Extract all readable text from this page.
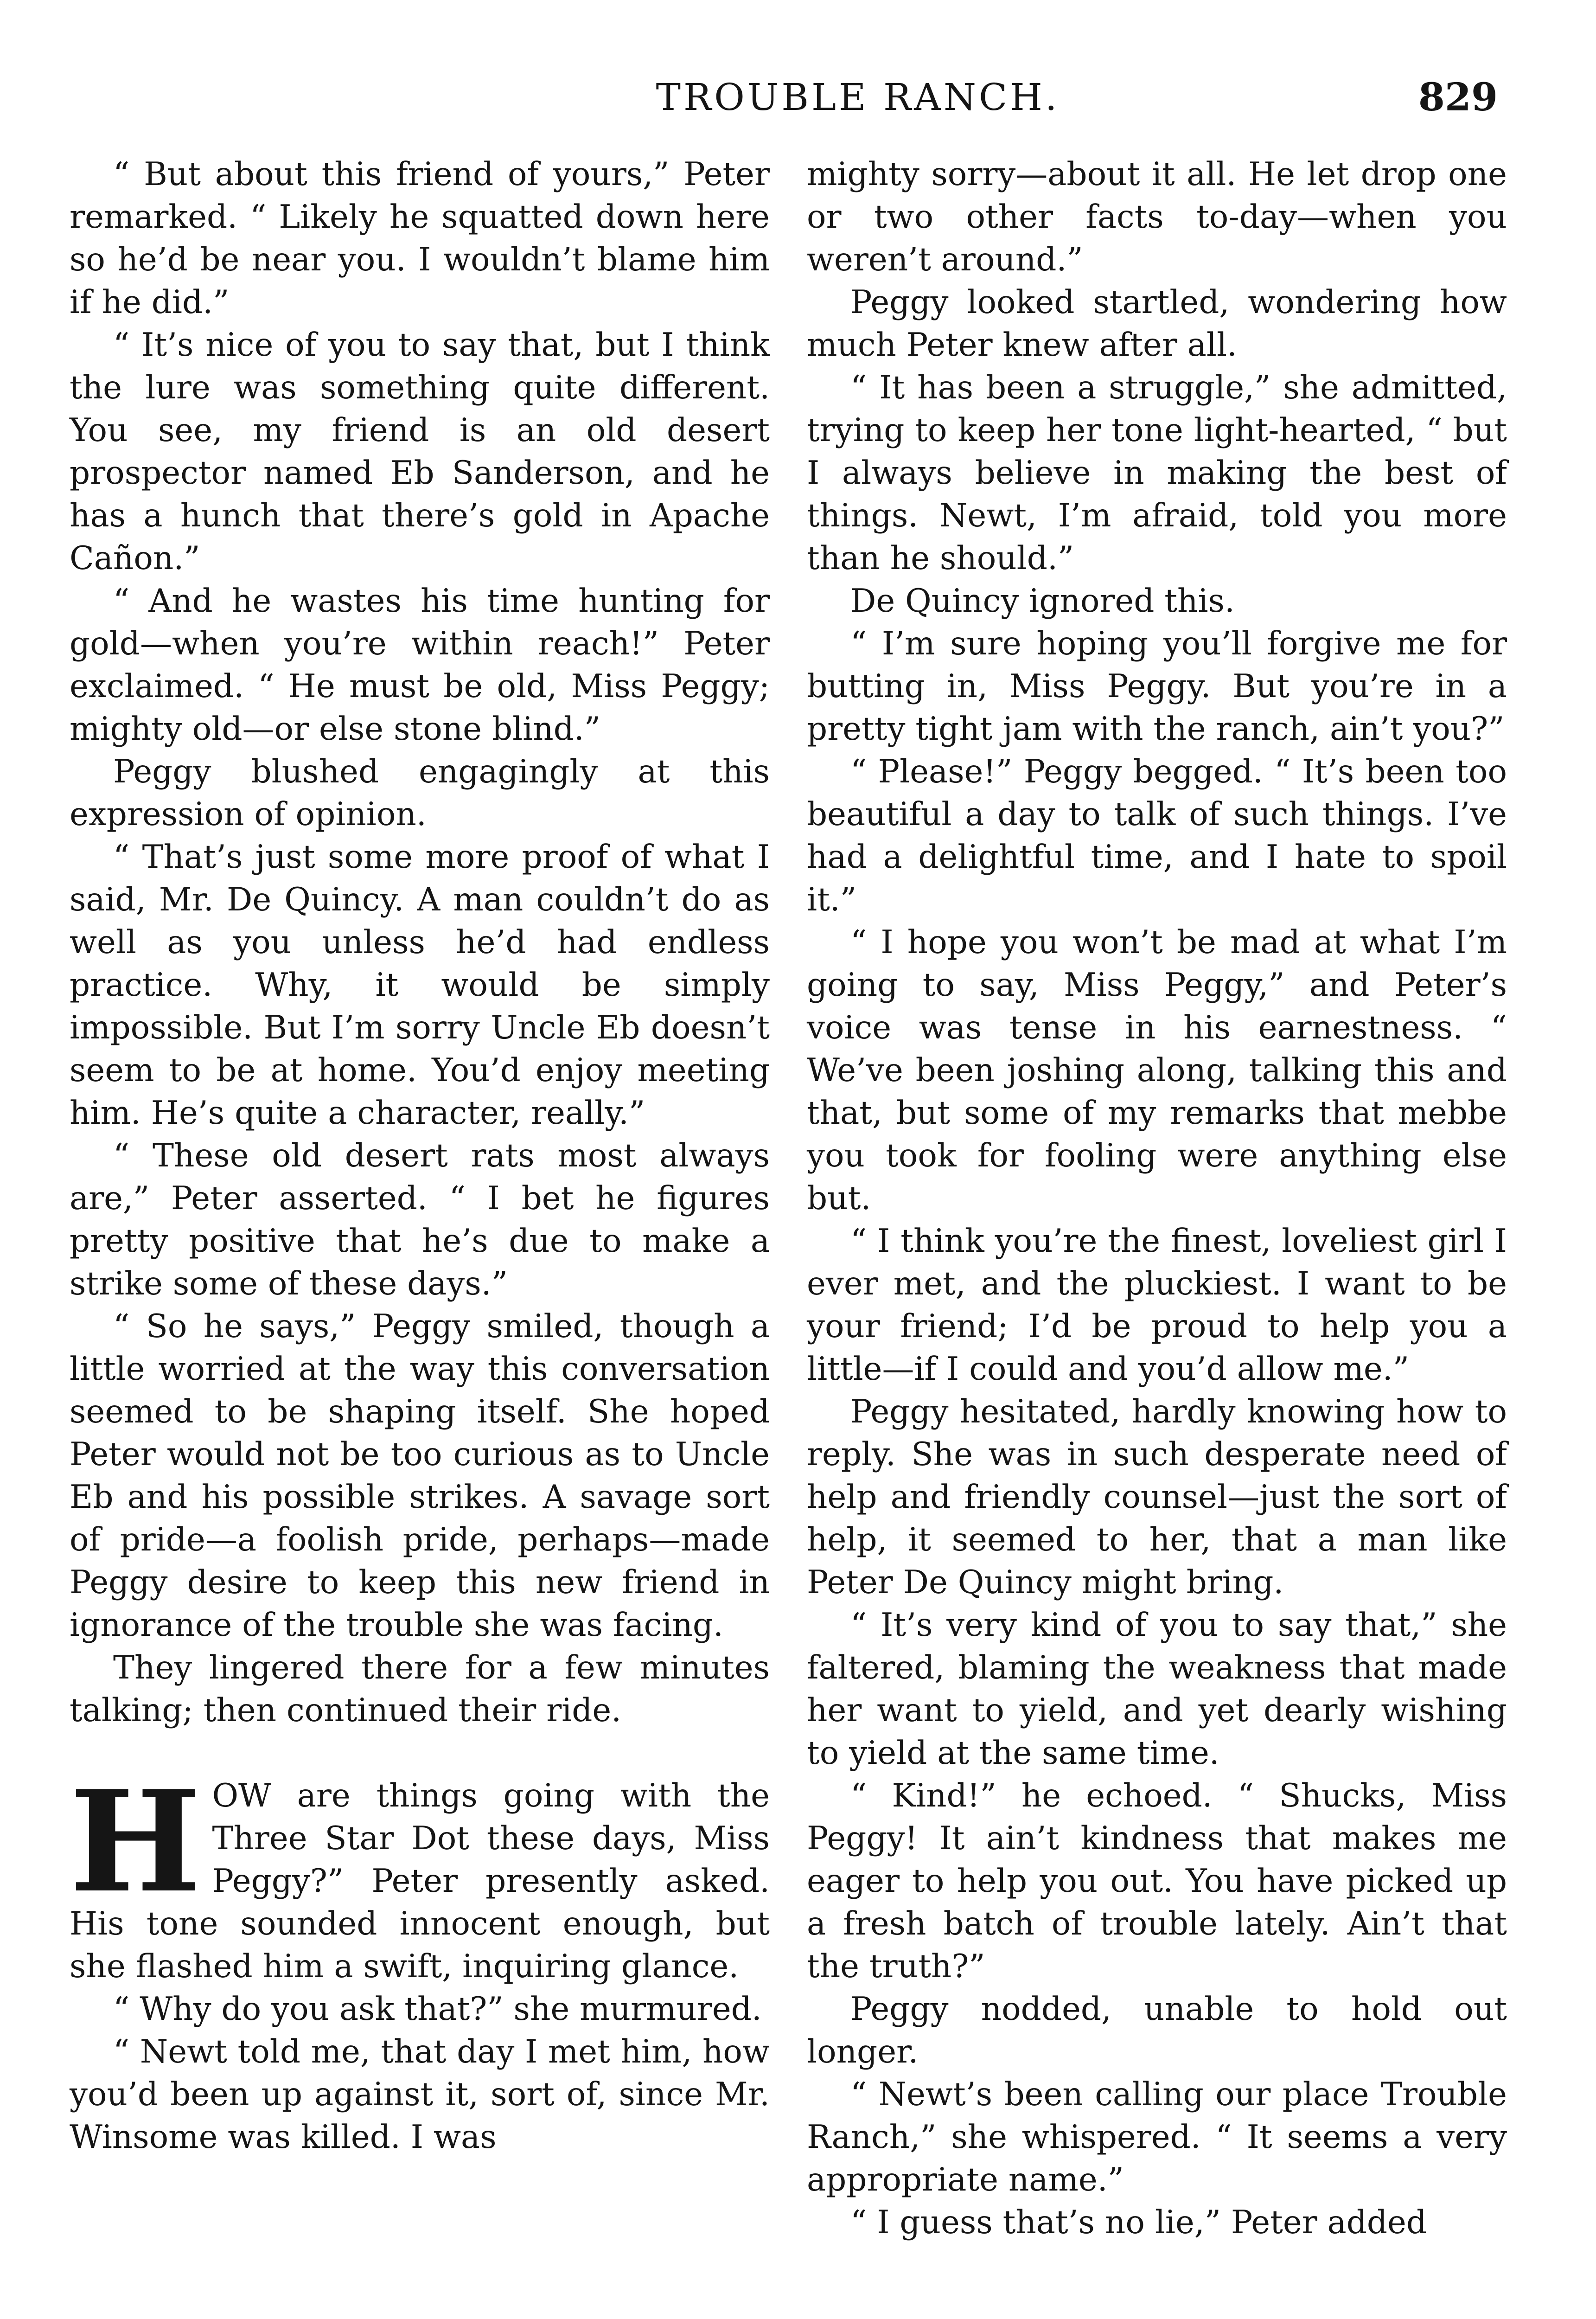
TROUBLE RANCH.	829

“ But about this friend of yours,” Peter remarked. “ Likely he squatted down here so he’d be near you. I wouldn’t blame him if he did.”

“ It’s nice of you to say that, but I think the lure was something quite different. You see, my friend is an old desert prospector named Eb Sanderson, and he has a hunch that there’s gold in Apache Cañon.”

“ And he wastes his time hunting for gold—when you’re within reach!” Peter exclaimed. “ He must be old, Miss Peggy; mighty old—or else stone blind.”

Peggy blushed engagingly at this expression of opinion.

“ That’s just some more proof of what I said, Mr. De Quincy. A man couldn’t do as well as you unless he’d had endless practice. Why, it would be simply impossible. But I’m sorry Uncle Eb doesn’t seem to be at home. You’d enjoy meeting him. He’s quite a character, really.”

“ These old desert rats most always are,” Peter asserted. “ I bet he figures pretty positive that he’s due to make a strike some of these days.”

“ So he says,” Peggy smiled, though a little worried at the way this conversation seemed to be shaping itself. She hoped Peter would not be too curious as to Uncle Eb and his possible strikes. A savage sort of pride—a foolish pride, perhaps—made Peggy desire to keep this new friend in ignorance of the trouble she was facing.

They lingered there for a few minutes talking; then continued their ride.

HOW are things going with the Three Star Dot these days, Miss Peggy?” Peter presently asked. His tone sounded innocent enough, but she flashed him a swift, inquiring glance.

“ Why do you ask that?” she murmured.

“ Newt told me, that day I met him, how you’d been up against it, sort of, since Mr. Winsome was killed. I was

mighty sorry—about it all. He let drop one or two other facts to-day—when you weren’t around.”

Peggy looked startled, wondering how much Peter knew after all.

“ It has been a struggle,” she admitted, trying to keep her tone light-hearted, “ but I always believe in making the best of things. Newt, I’m afraid, told you more than he should.”

De Quincy ignored this.

“ I’m sure hoping you’ll forgive me for butting in, Miss Peggy. But you’re in a pretty tight jam with the ranch, ain’t you?”

“ Please!” Peggy begged. “ It’s been too beautiful a day to talk of such things. I’ve had a delightful time, and I hate to spoil it.”

“ I hope you won’t be mad at what I’m going to say, Miss Peggy,” and Peter’s voice was tense in his earnestness. “ We’ve been joshing along, talking this and that, but some of my remarks that mebbe you took for fooling were anything else but.

“ I think you’re the finest, loveliest girl I ever met, and the pluckiest. I want to be your friend; I’d be proud to help you a little—if I could and you’d allow me.”

Peggy hesitated, hardly knowing how to reply. She was in such desperate need of help and friendly counsel—just the sort of help, it seemed to her, that a man like Peter De Quincy might bring.

“ It’s very kind of you to say that,” she faltered, blaming the weakness that made her want to yield, and yet dearly wishing to yield at the same time.

“ Kind!” he echoed. “ Shucks, Miss Peggy! It ain’t kindness that makes me eager to help you out. You have picked up a fresh batch of trouble lately. Ain’t that the truth?”

Peggy nodded, unable to hold out longer.

“ Newt’s been calling our place Trouble Ranch,” she whispered. “ It seems a very appropriate name.”

“ I guess that’s no lie,” Peter added
